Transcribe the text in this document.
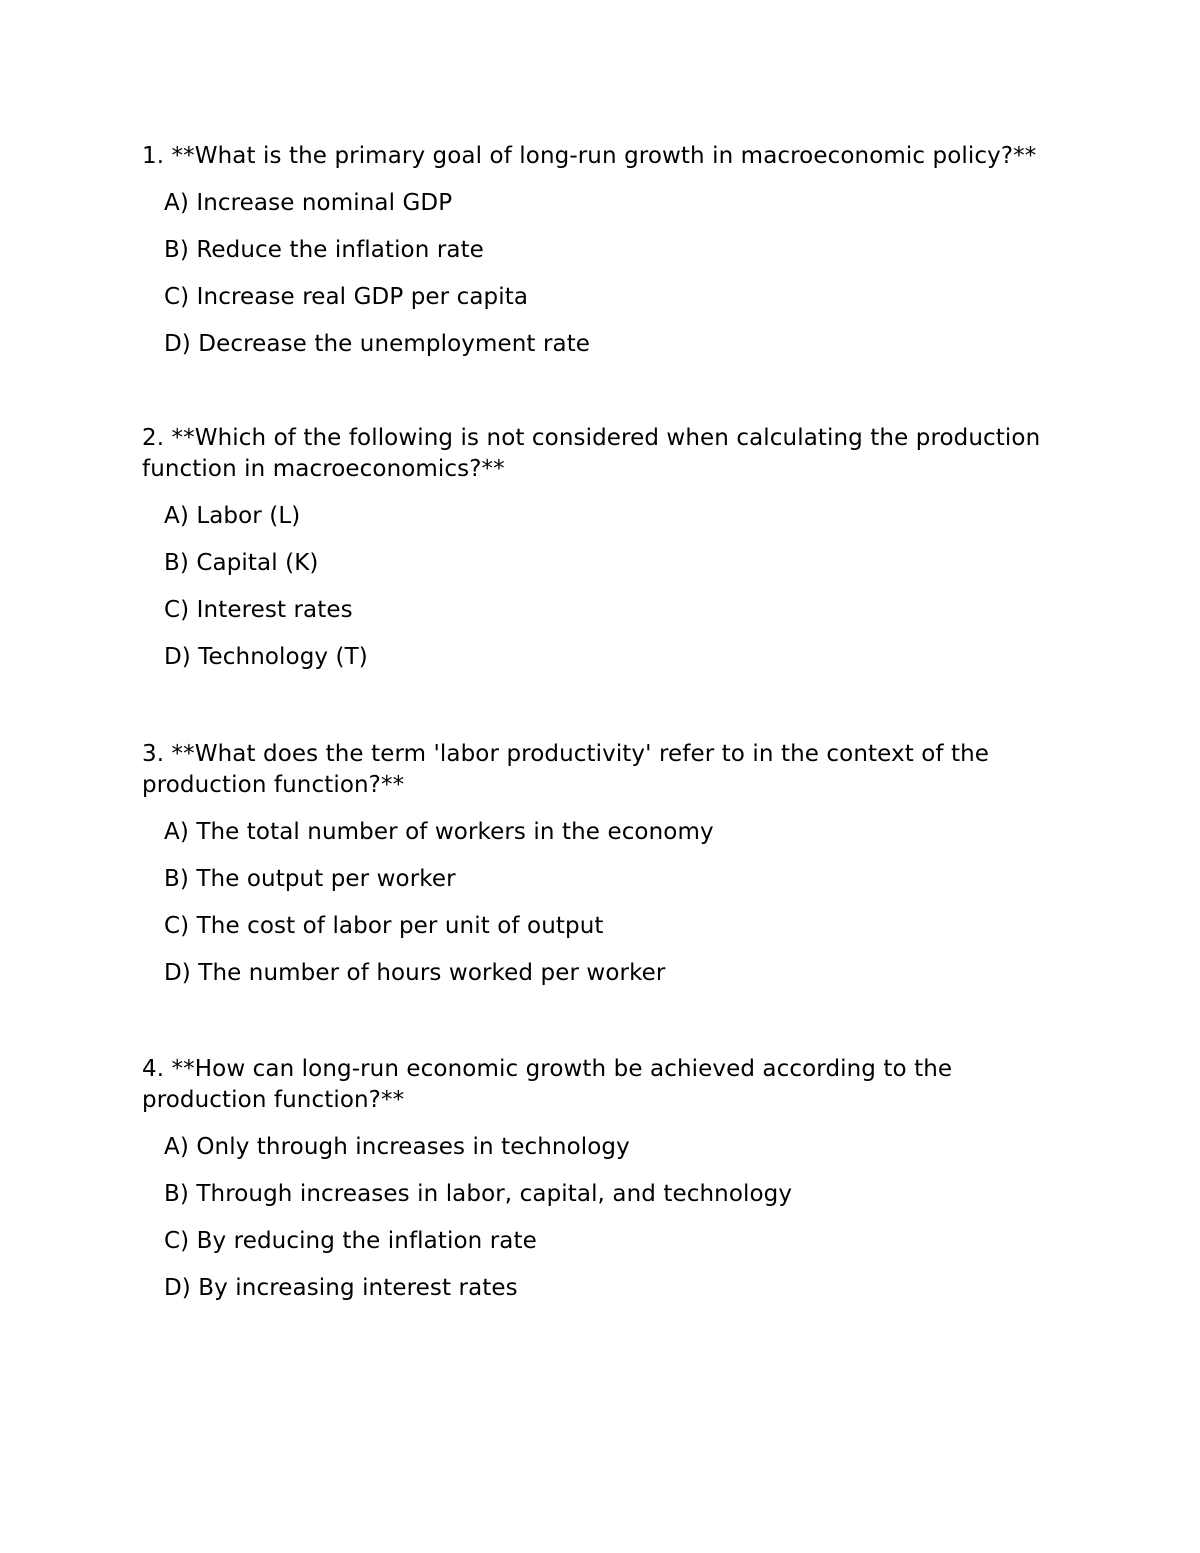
1. **What is the primary goal of long-run growth in macroeconomic policy?**

A) Increase nominal GDP
B) Reduce the inflation rate
C) Increase real GDP per capita
D) Decrease the unemployment rate

2. **Which of the following is not considered when calculating the production function in macroeconomics?**

A) Labor (L)
B) Capital (K)
C) Interest rates
D) Technology (T)

3. **What does the term 'labor productivity' refer to in the context of the production function?**

A) The total number of workers in the economy
B) The output per worker
C) The cost of labor per unit of output
D) The number of hours worked per worker

4. **How can long-run economic growth be achieved according to the production function?**

A) Only through increases in technology
B) Through increases in labor, capital, and technology
C) By reducing the inflation rate
D) By increasing interest rates
